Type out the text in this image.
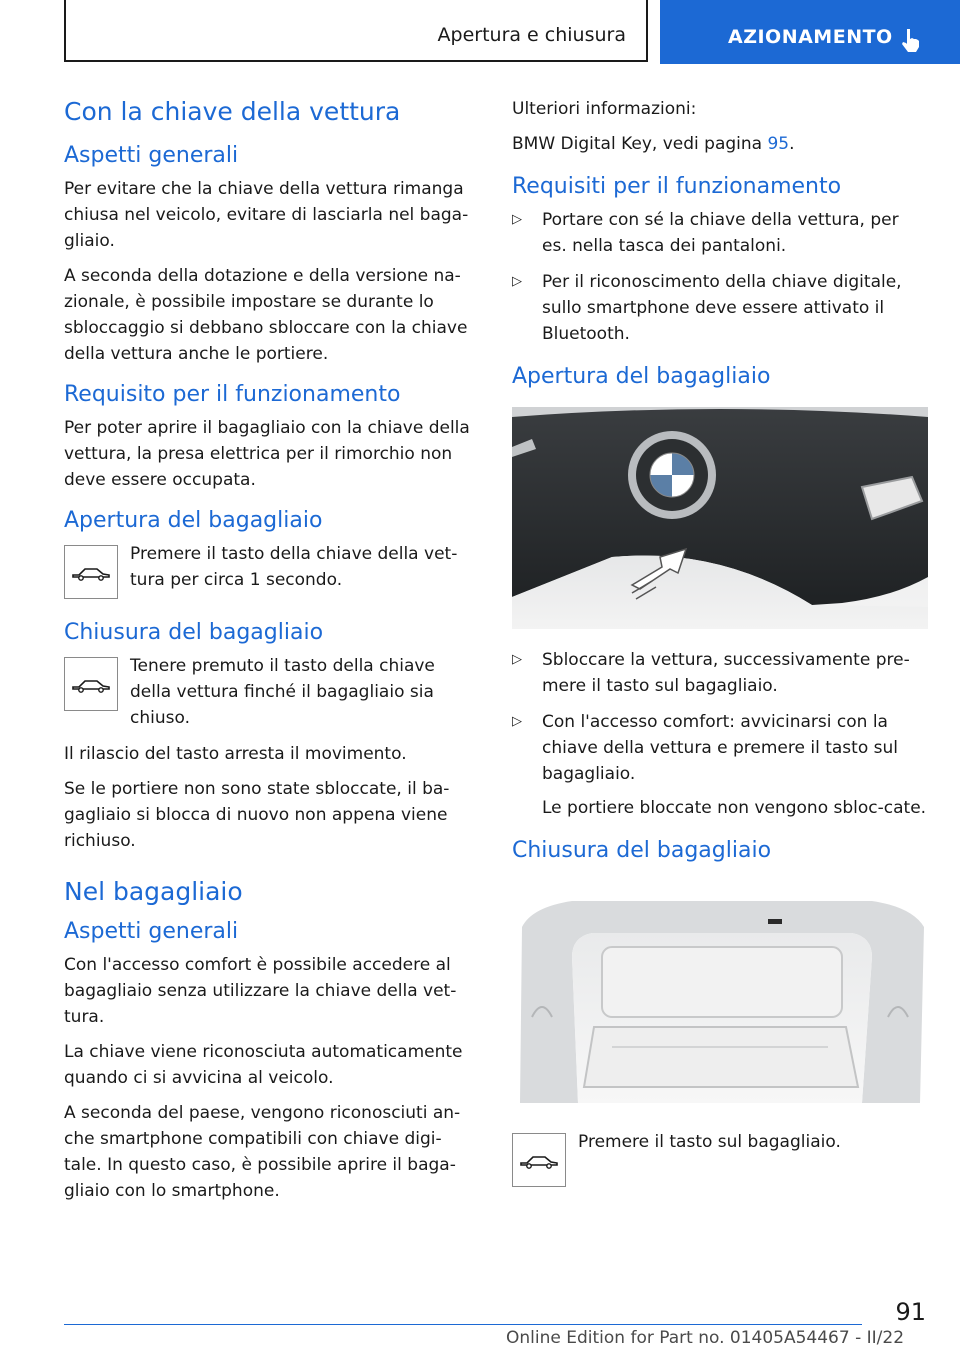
Apertura e chiusura	AZIONAMENTO
Con la chiave della vettura
Aspetti generali

Per evitare che la chiave della vettura rimanga chiusa nel veicolo, evitare di lasciarla nel baga-gliaio.

A seconda della dotazione e della versione na-zionale, è possibile impostare se durante lo sbloccaggio si debbano sbloccare con la chiave della vettura anche le portiere.

Requisito per il funzionamento

Per poter aprire il bagagliaio con la chiave della vettura, la presa elettrica per il rimorchio non deve essere occupata.

Apertura del bagagliaio
Premere il tasto della chiave della vet-tura per circa 1 secondo.
Chiusura del bagagliaio
Tenere premuto il tasto della chiave della vettura finché il bagagliaio sia chiuso.

Il rilascio del tasto arresta il movimento.

Se le portiere non sono state sbloccate, il ba-gagliaio si blocca di nuovo non appena viene richiuso.

Nel bagagliaio
Aspetti generali

Con l'accesso comfort è possibile accedere al bagagliaio senza utilizzare la chiave della vet-tura.

La chiave viene riconosciuta automaticamente quando ci si avvicina al veicolo.

A seconda del paese, vengono riconosciuti an-che smartphone compatibili con chiave digi-tale. In questo caso, è possibile aprire il baga-gliaio con lo smartphone.

Ulteriori informazioni:

BMW Digital Key, vedi pagina 95.

Requisiti per il funzionamento
▷ Portare con sé la chiave della vettura, per es. nella tasca dei pantaloni.
▷ Per il riconoscimento della chiave digitale, sullo smartphone deve essere attivato il Bluetooth.
Apertura del bagagliaio
▷ Sbloccare la vettura, successivamente pre-mere il tasto sul bagagliaio.
▷ Con l'accesso comfort: avvicinarsi con la chiave della vettura e premere il tasto sul bagagliaio.
Le portiere bloccate non vengono sbloc-cate.
Chiusura del bagagliaio
Premere il tasto sul bagagliaio.
91
Online Edition for Part no. 01405A54467 - II/22
